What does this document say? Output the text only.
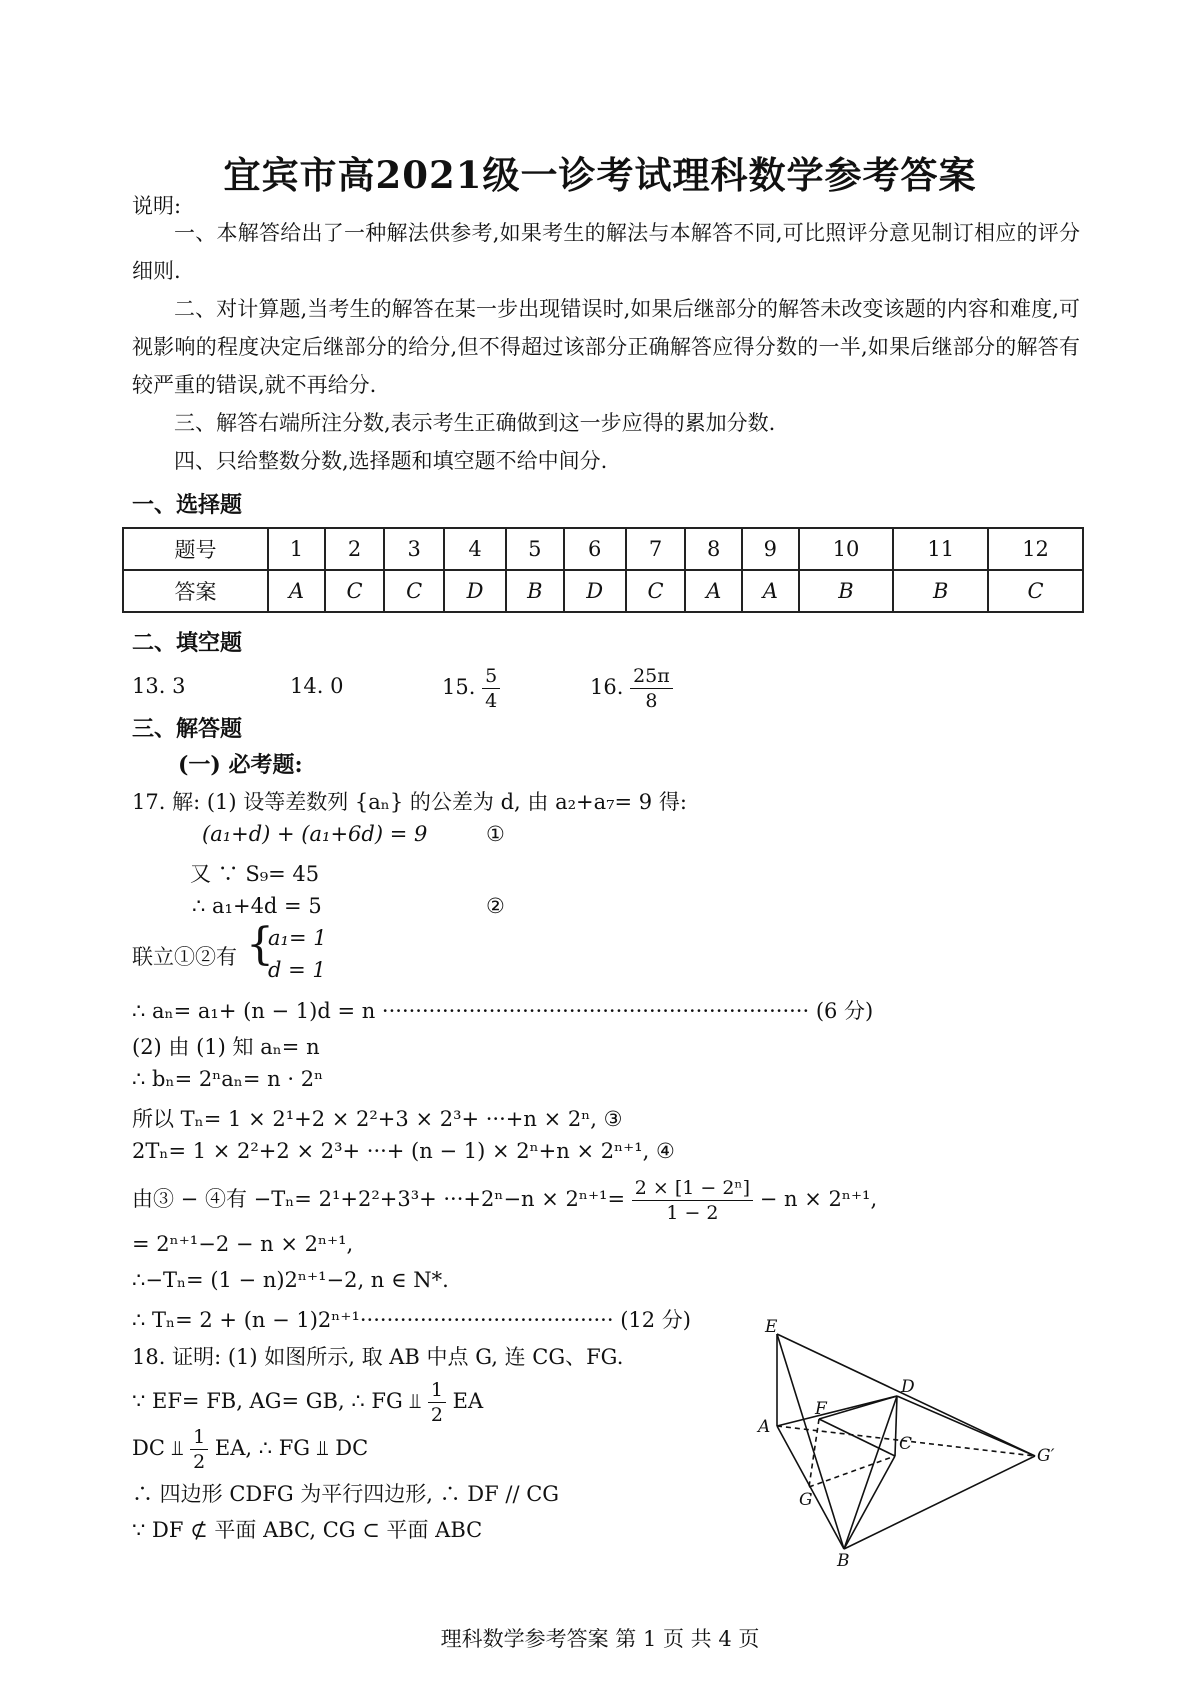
宜宾市高2021级一诊考试理科数学参考答案
说明:
一、本解答给出了一种解法供参考,如果考生的解法与本解答不同,可比照评分意见制订相应的评分细则.
二、对计算题,当考生的解答在某一步出现错误时,如果后继部分的解答未改变该题的内容和难度,可视影响的程度决定后继部分的给分,但不得超过该部分正确解答应得分数的一半,如果后继部分的解答有较严重的错误,就不再给分.
三、解答右端所注分数,表示考生正确做到这一步应得的累加分数.
四、只给整数分数,选择题和填空题不给中间分.
一、选择题
题号	1	2	3	4	5	6	7	8	9	10	11	12
答案	A	C	C	D	B	D	C	A	A	B	B	C
二、填空题
13. 3	14. 0	15. $\frac{5}{4}$	16. $\frac{25\pi}{8}$
三、解答题
(一) 必考题:
17. 解: (1) 设等差数列 {aₙ} 的公差为 d, 由 a₂+a₇= 9 得:
(a₁+d) + (a₁+6d) = 9	①
又 ∵ S₉= 45
∴ a₁+4d = 5	②
联立①②有 {
a₁= 1
d = 1
∴ aₙ= a₁+ (n − 1)d = n ································································ (6 分)
(2) 由 (1) 知 aₙ= n
∴ bₙ= 2ⁿaₙ= n · 2ⁿ
所以 Tₙ= 1 × 2¹+2 × 2²+3 × 2³+ ···+n × 2ⁿ, ③
2Tₙ= 1 × 2²+2 × 2³+ ···+ (n − 1) × 2ⁿ+n × 2ⁿ⁺¹, ④
由③ − ④有 $-T_n= 2^1+2^2+3^3+ \cdot\cdot\cdot+2^n-n \times 2^{n+1}= \frac{\text{2 × [1 − 2ⁿ]}}{1 - 2} - n \times 2^{n+1}$,
= 2ⁿ⁺¹−2 − n × 2ⁿ⁺¹,
∴−Tₙ= (1 − n)2ⁿ⁺¹−2, n ∈ N*.
∴ Tₙ= 2 + (n − 1)2ⁿ⁺¹······································ (12 分)
18. 证明: (1) 如图所示, 取 AB 中点 G, 连 CG、FG.
∵ EF= FB, AG= GB, ∴ FG ⫫ $\frac{1}{2}$ EA
DC ⫫ $\frac{1}{2}$ EA, ∴ FG ⫫ DC
∴ 四边形 CDFG 为平行四边形, ∴ DF // CG
∵ DF ⊄ 平面 ABC, CG ⊂ 平面 ABC
E
D
F
A
C
G′
G
B
理科数学参考答案 第 1 页 共 4 页
